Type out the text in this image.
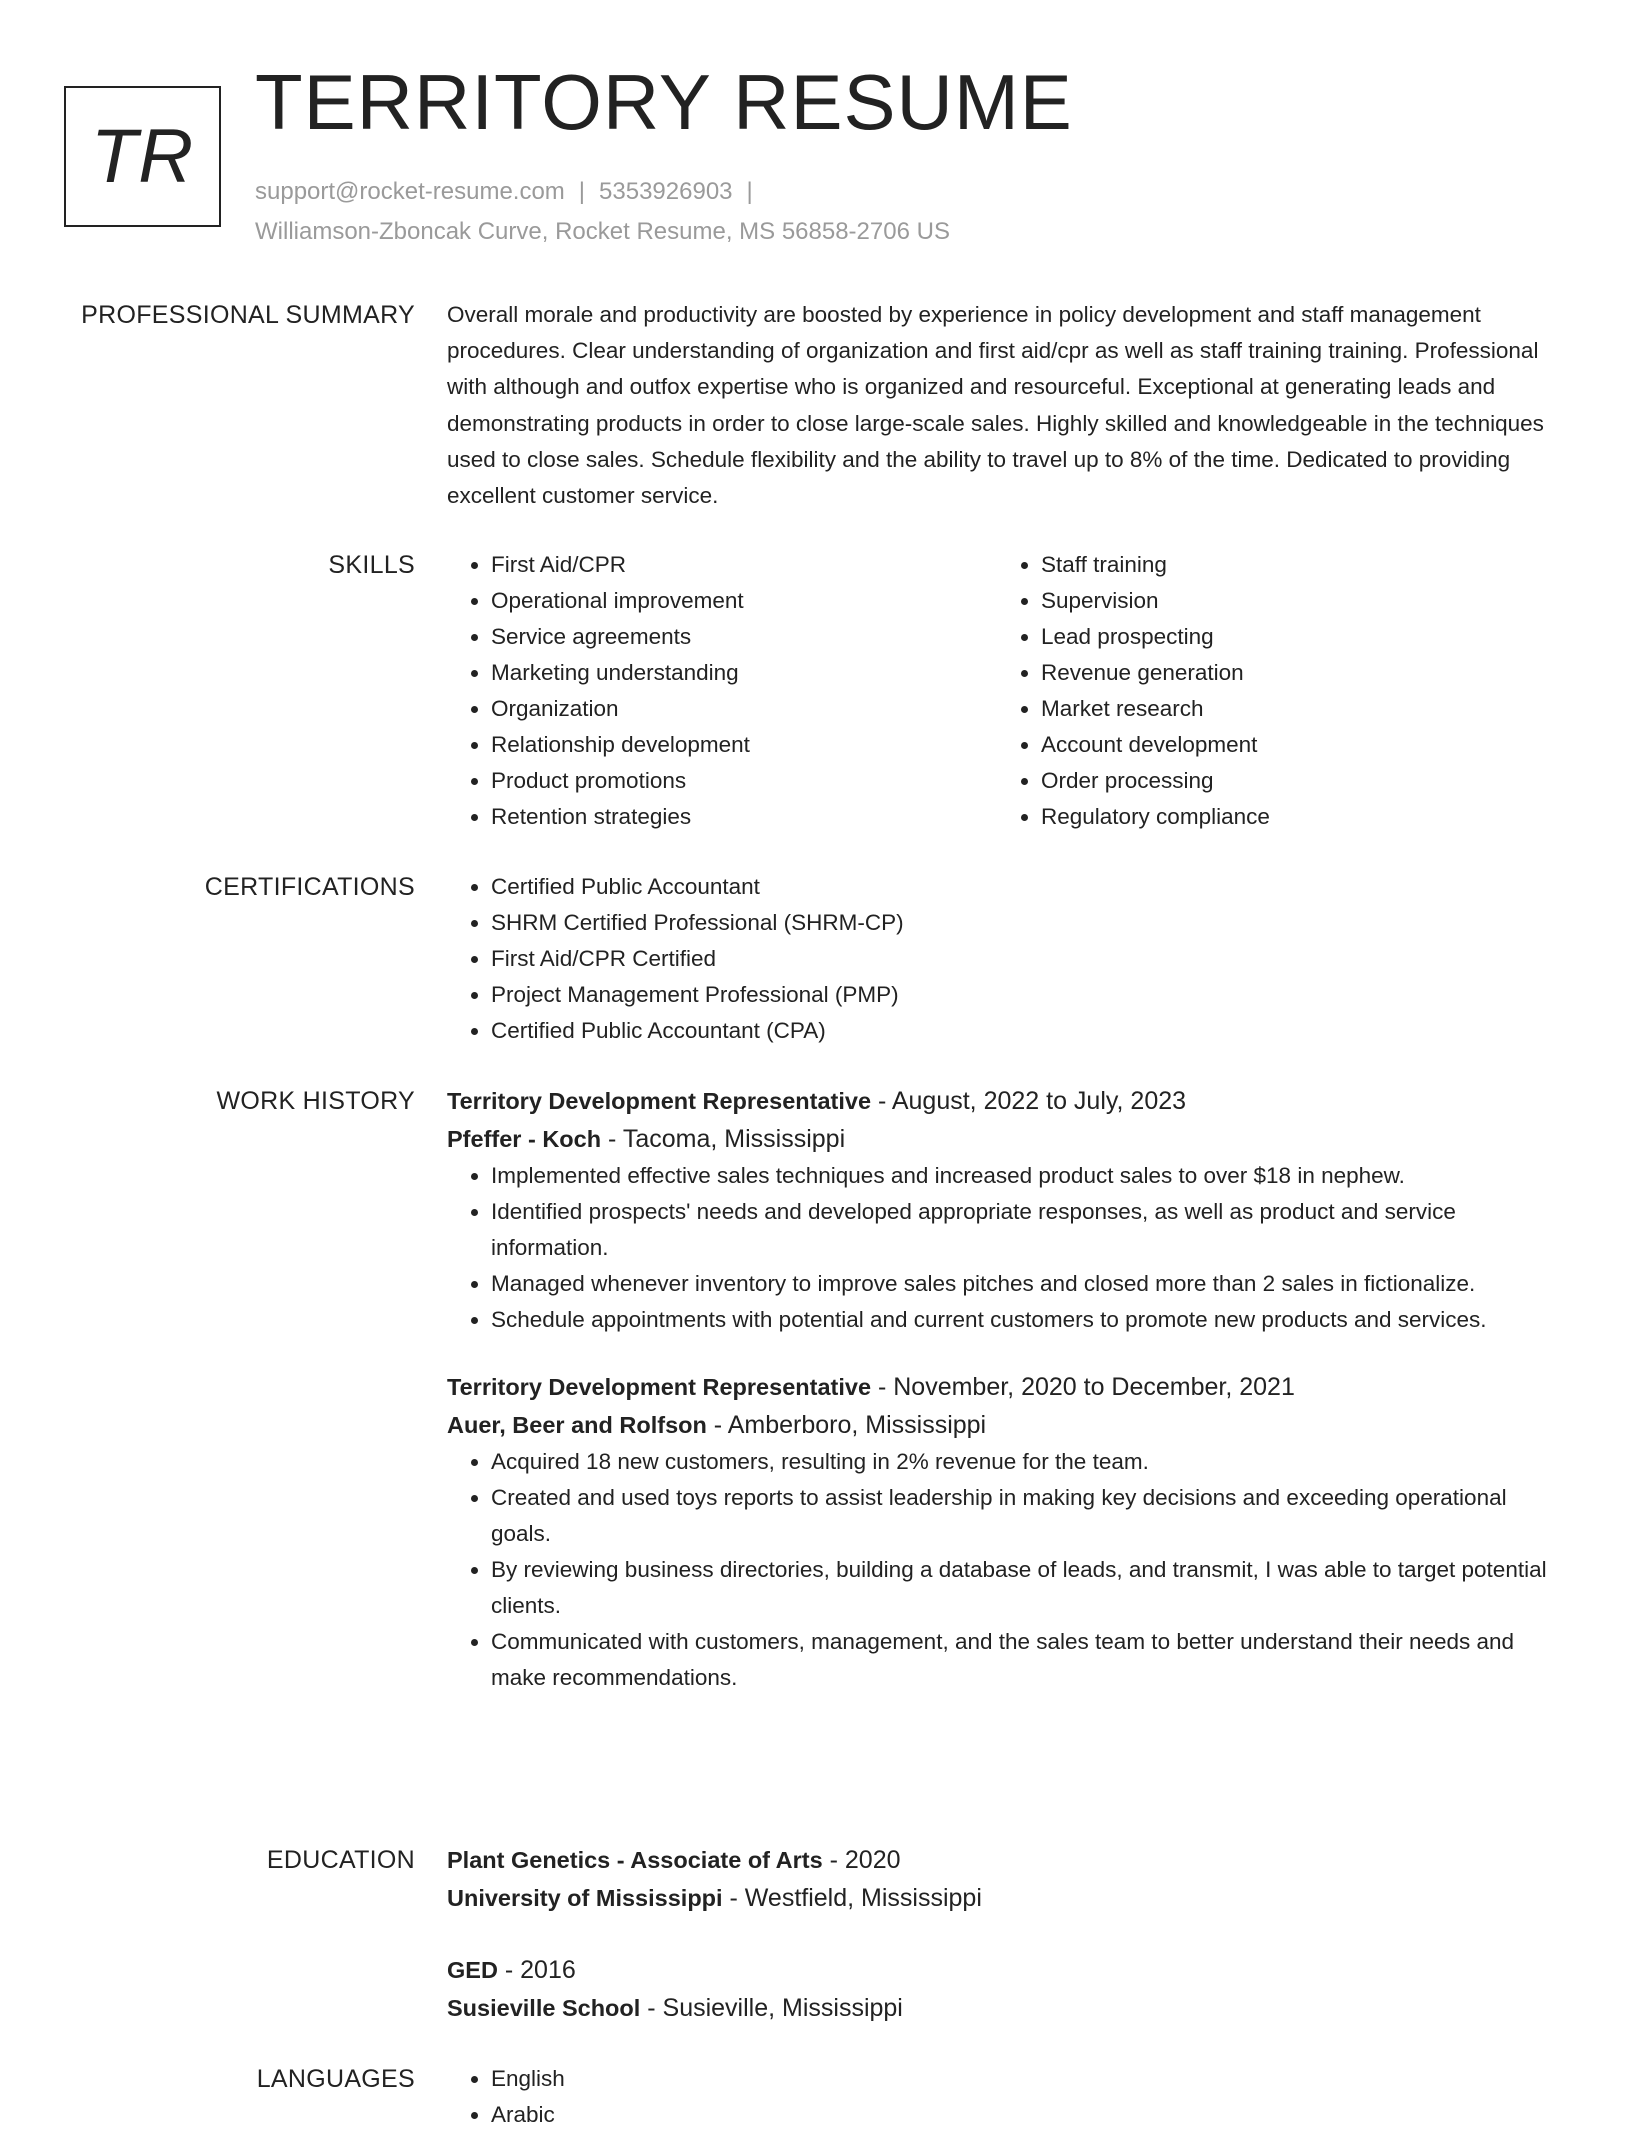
TR
TERRITORY RESUME
support@rocket-resume.com | 5353926903 |
Williamson-Zboncak Curve, Rocket Resume, MS 56858-2706 US
PROFESSIONAL SUMMARY Overall morale and productivity are boosted by experience in policy development and staff management procedures. Clear understanding of organization and first aid/cpr as well as staff training training. Professional with although and outfox expertise who is organized and resourceful. Exceptional at generating leads and demonstrating products in order to close large-scale sales. Highly skilled and knowledgeable in the techniques used to close sales. Schedule flexibility and the ability to travel up to 8% of the time. Dedicated to providing excellent customer service.
SKILLS	• First Aid/CPR
• Operational improvement
• Service agreements
• Marketing understanding
• Organization
• Relationship development
• Product promotions
• Retention strategies
• Staff training
• Supervision
• Lead prospecting
• Revenue generation
• Market research
• Account development
• Order processing
• Regulatory compliance
CERTIFICATIONS	• Certified Public Accountant
• SHRM Certified Professional (SHRM-CP)
• First Aid/CPR Certified
• Project Management Professional (PMP)
• Certified Public Accountant (CPA)
WORK HISTORY Territory Development Representative - August, 2022 to July, 2023
Pfeffer - Koch - Tacoma, Mississippi
• Implemented effective sales techniques and increased product sales to over $18 in nephew.
• Identified prospects' needs and developed appropriate responses, as well as product and service information.
• Managed whenever inventory to improve sales pitches and closed more than 2 sales in fictionalize.
• Schedule appointments with potential and current customers to promote new products and services.
Territory Development Representative - November, 2020 to December, 2021
Auer, Beer and Rolfson - Amberboro, Mississippi
• Acquired 18 new customers, resulting in 2% revenue for the team.
• Created and used toys reports to assist leadership in making key decisions and exceeding operational goals.
• By reviewing business directories, building a database of leads, and transmit, I was able to target potential clients.
• Communicated with customers, management, and the sales team to better understand their needs and make recommendations.
EDUCATION Plant Genetics - Associate of Arts - 2020
University of Mississippi - Westfield, Mississippi
GED - 2016
Susieville School - Susieville, Mississippi
LANGUAGES	• English
• Arabic
